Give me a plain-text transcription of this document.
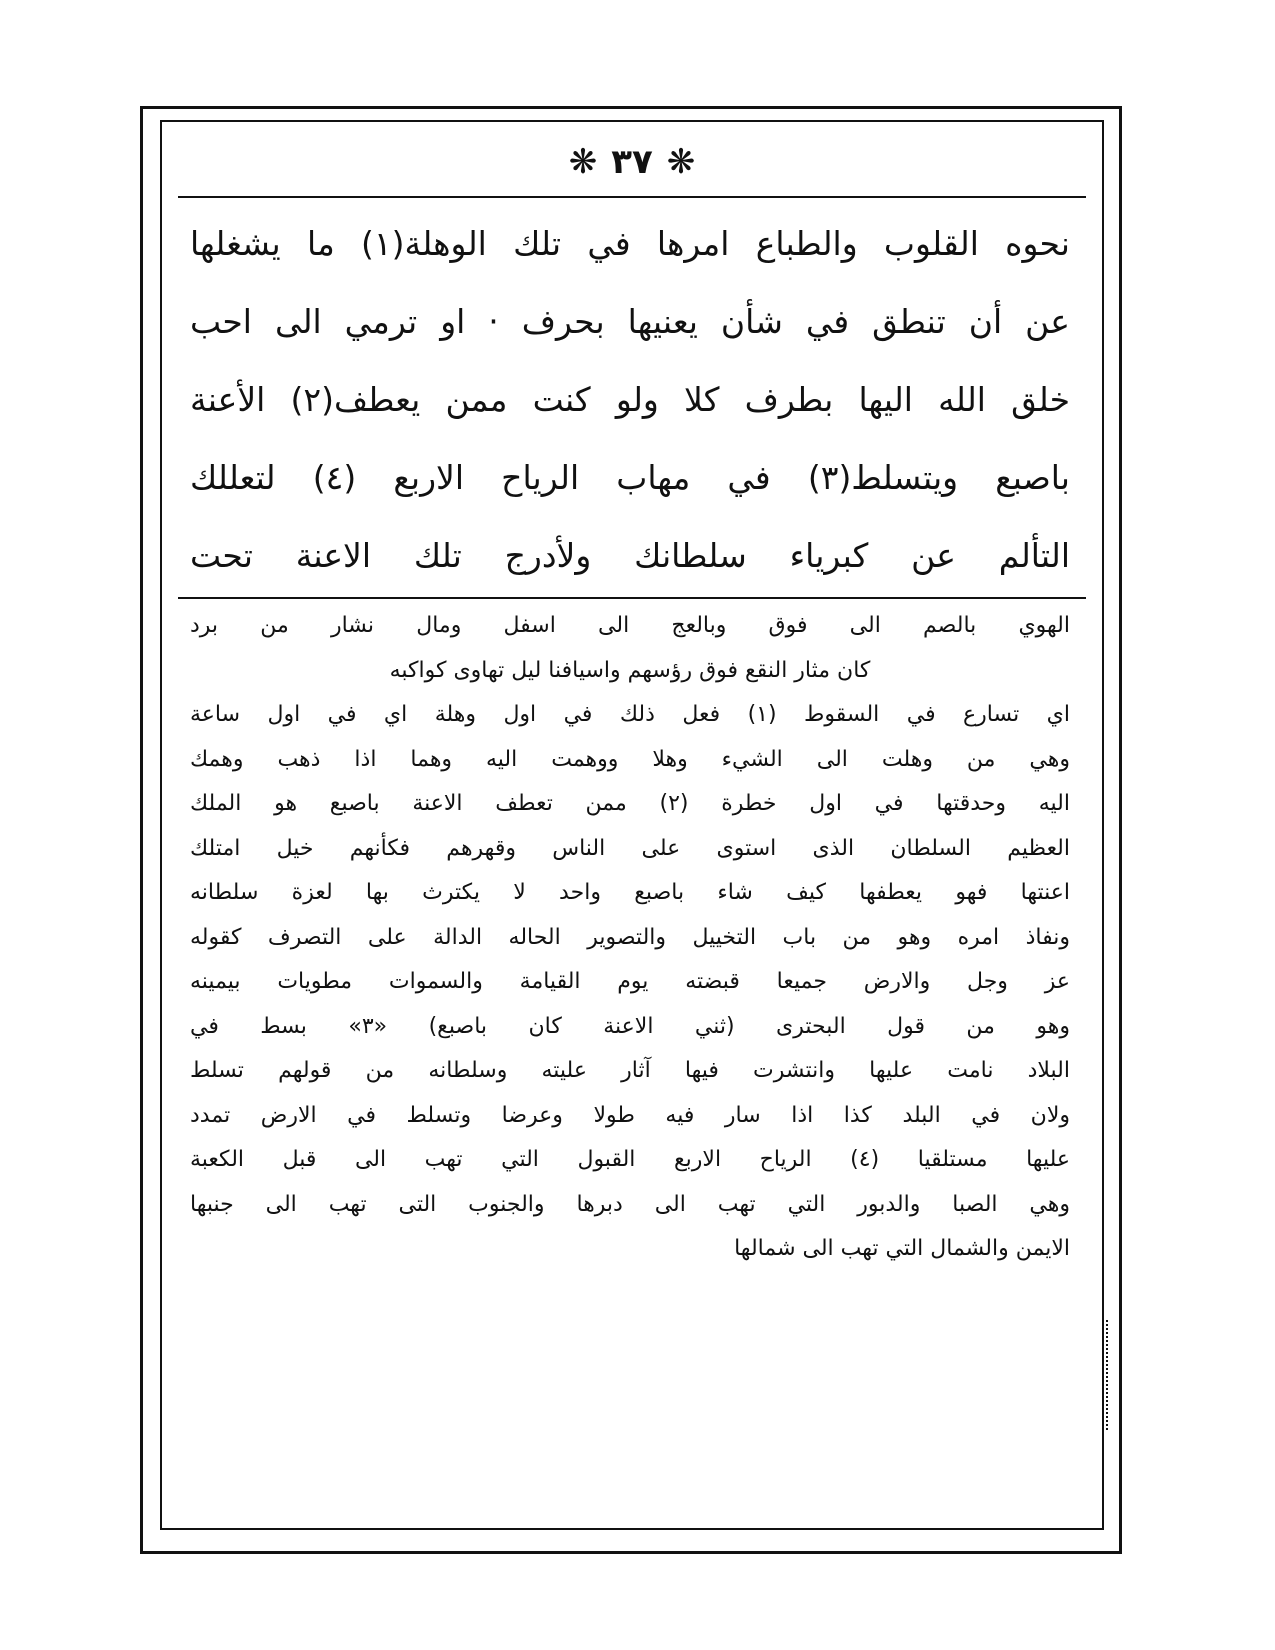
❋
٣٧
❋
نحوه القلوب والطباع امرها في تلك الوهلة(١) ما يشغلها
عن أن تنطق في شأن يعنيها بحرف · او ترمي الى احب
خلق الله اليها بطرف كلا ولو كنت ممن يعطف(٢) الأعنة
باصبع ويتسلط(٣) في مهاب الرياح الاربع (٤) لتعللك
التألم عن كبرياء سلطانك ولأدرج تلك الاعنة تحت
الهوي بالصم الى فوق وبالعج الى اسفل ومال نشار من برد
كان مثار النقع فوق رؤسهم واسيافنا ليل تهاوى كواكبه
اي تسارع في السقوط (١) فعل ذلك في اول وهلة اي في اول ساعة
وهي من وهلت الى الشيء وهلا ووهمت اليه وهما اذا ذهب وهمك
اليه وحدقتها في اول خطرة (٢) ممن تعطف الاعنة باصبع هو الملك
العظيم السلطان الذى استوى على الناس وقهرهم فكأنهم خيل امتلك
اعنتها فهو يعطفها كيف شاء باصبع واحد لا يكترث بها لعزة سلطانه
ونفاذ امره وهو من باب التخييل والتصوير الحاله الدالة على التصرف كقوله
عز وجل والارض جميعا قبضته يوم القيامة والسموات مطويات بيمينه
وهو من قول البحترى (ثني الاعنة كان باصبع) «٣» بسط في
البلاد نامت عليها وانتشرت فيها آثار عليته وسلطانه من قولهم تسلط
ولان في البلد كذا اذا سار فيه طولا وعرضا وتسلط في الارض تمدد
عليها مستلقيا (٤) الرياح الاربع القبول التي تهب الى قبل الكعبة
وهي الصبا والدبور التي تهب الى دبرها والجنوب التى تهب الى جنبها
الايمن والشمال التي تهب الى شمالها
